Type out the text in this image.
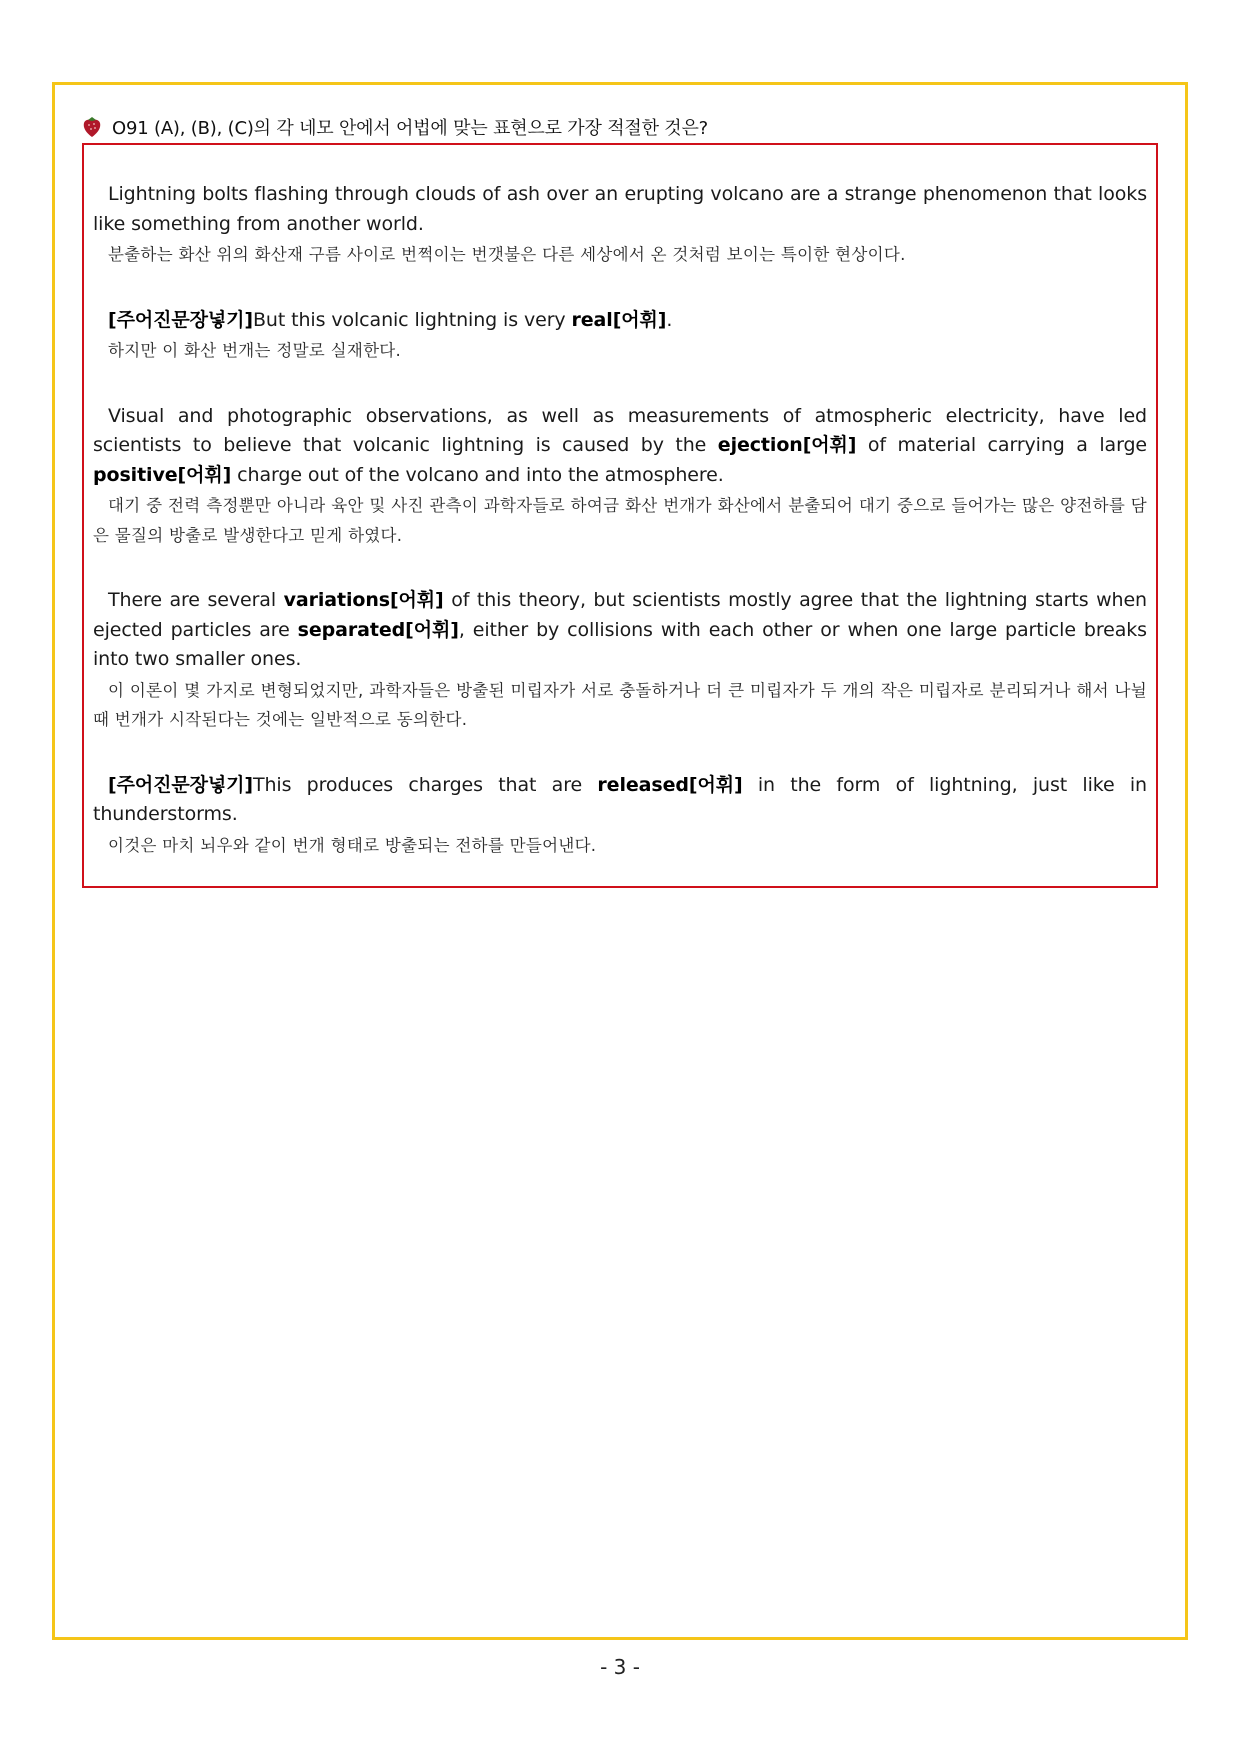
O91 (A), (B), (C)의 각 네모 안에서 어법에 맞는 표현으로 가장 적절한 것은?

Lightning bolts flashing through clouds of ash over an erupting volcano are a strange phenomenon that looks like something from another world.

분출하는 화산 위의 화산재 구름 사이로 번쩍이는 번갯불은 다른 세상에서 온 것처럼 보이는 특이한 현상이다.

[주어진문장넣기]But this volcanic lightning is very real[어휘].

하지만 이 화산 번개는 정말로 실재한다.

Visual and photographic observations, as well as measurements of atmospheric electricity, have led scientists to believe that volcanic lightning is caused by the ejection[어휘] of material carrying a large positive[어휘] charge out of the volcano and into the atmosphere.

대기 중 전력 측정뿐만 아니라 육안 및 사진 관측이 과학자들로 하여금 화산 번개가 화산에서 분출되어 대기 중으로 들어가는 많은 양전하를 담은 물질의 방출로 발생한다고 믿게 하였다.

There are several variations[어휘] of this theory, but scientists mostly agree that the lightning starts when ejected particles are separated[어휘], either by collisions with each other or when one large particle breaks into two smaller ones.

이 이론이 몇 가지로 변형되었지만, 과학자들은 방출된 미립자가 서로 충돌하거나 더 큰 미립자가 두 개의 작은 미립자로 분리되거나 해서 나뉠 때 번개가 시작된다는 것에는 일반적으로 동의한다.

[주어진문장넣기]This produces charges that are released[어휘] in the form of lightning, just like in thunderstorms.

이것은 마치 뇌우와 같이 번개 형태로 방출되는 전하를 만들어낸다.

- 3 -
